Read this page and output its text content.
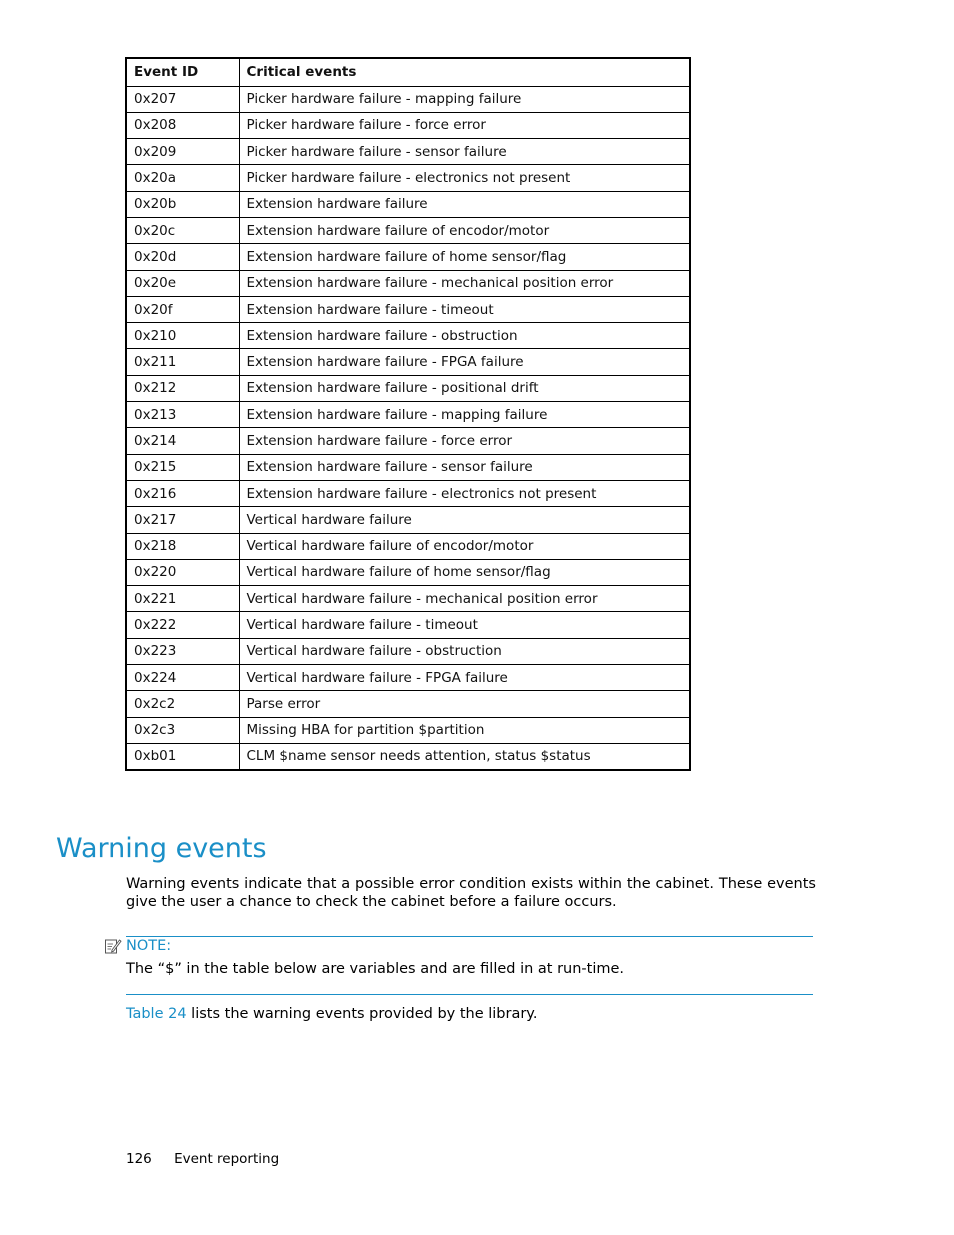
Event ID	Critical events
0x207	Picker hardware failure - mapping failure
0x208	Picker hardware failure - force error
0x209	Picker hardware failure - sensor failure
0x20a	Picker hardware failure - electronics not present
0x20b	Extension hardware failure
0x20c	Extension hardware failure of encodor/motor
0x20d	Extension hardware failure of home sensor/flag
0x20e	Extension hardware failure - mechanical position error
0x20f	Extension hardware failure - timeout
0x210	Extension hardware failure - obstruction
0x211	Extension hardware failure - FPGA failure
0x212	Extension hardware failure - positional drift
0x213	Extension hardware failure - mapping failure
0x214	Extension hardware failure - force error
0x215	Extension hardware failure - sensor failure
0x216	Extension hardware failure - electronics not present
0x217	Vertical hardware failure
0x218	Vertical hardware failure of encodor/motor
0x220	Vertical hardware failure of home sensor/flag
0x221	Vertical hardware failure - mechanical position error
0x222	Vertical hardware failure - timeout
0x223	Vertical hardware failure - obstruction
0x224	Vertical hardware failure - FPGA failure
0x2c2	Parse error
0x2c3	Missing HBA for partition $partition
0xb01	CLM $name sensor needs attention, status $status
Warning events

Warning events indicate that a possible error condition exists within the cabinet. These events give the user a chance to check the cabinet before a failure occurs.

NOTE:

The “$” in the table below are variables and are filled in at run-time.

Table 24 lists the warning events provided by the library.

126 Event reporting
